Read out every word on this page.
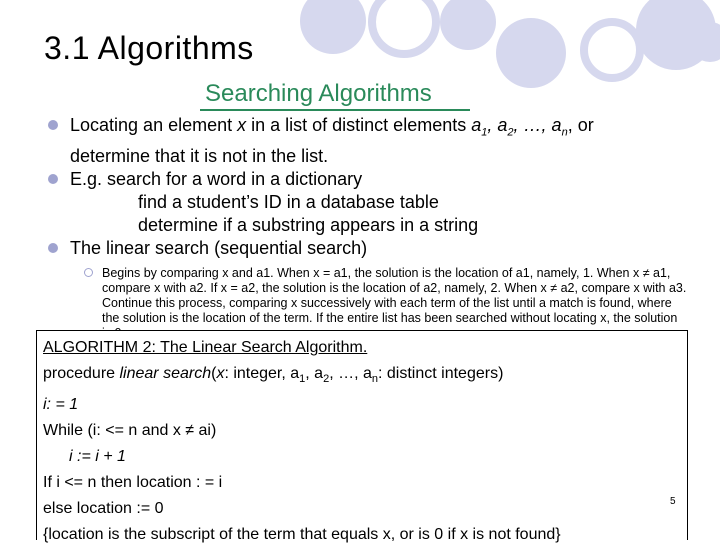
3.1 Algorithms
Searching Algorithms
Locating an element x in a list of distinct elements $a_1$, $a_2$, …, $a_n$, or
determine that it is not in the list.
E.g. search for a word in a dictionary
find a student’s ID in a database table
determine if a substring appears in a string
The linear search (sequential search)
Begins by comparing x and a1. When x = a1, the solution is the location of a1, namely, 1. When x ≠ a1, compare x with a2. If x = a2, the solution is the location of a2, namely, 2. When x ≠ a2, compare x with a3. Continue this process, comparing x successively with each term of the list until a match is found, where the solution is the location of the term. If the entire list has been searched without locating x, the solution
ALGORITHM 2: The Linear Search Algorithm.
procedure linear search(x: integer, $a_1$, $a_2$, …, $a_n$: distinct integers)
i: = 1
While (i: <= n and x ≠ ai)
i := i + 1
If i <= n then location : = i
else location := 0
{location is the subscript of the term that equals x, or is 0 if x is not found}
5
